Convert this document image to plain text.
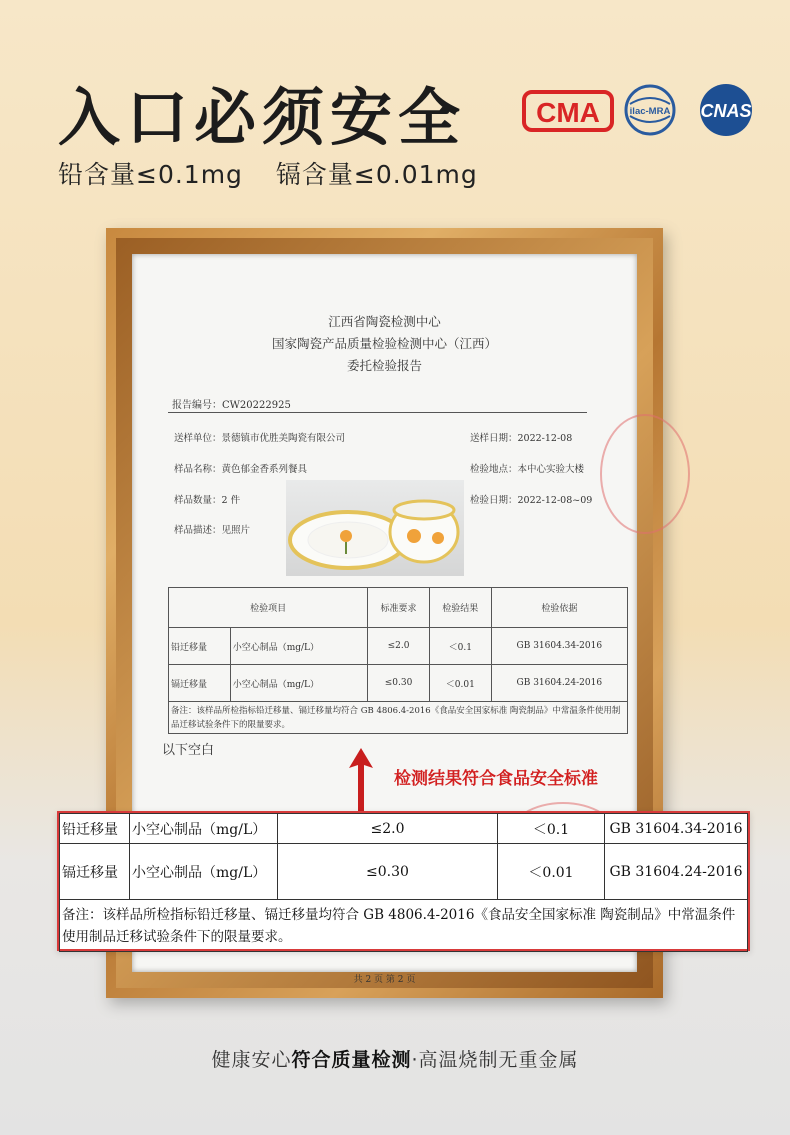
入口必须安全
铅含量≤0.1mg 镉含量≤0.01mg
CMA	ilac-MRA CNAS
江西省陶瓷检测中心
国家陶瓷产品质量检验检测中心（江西）
委托检验报告
报告编号：CW20222925
送样单位：景德镇市优胜美陶瓷有限公司	送样日期：2022-12-08
样品名称：黄色郁金香系列餐具	检验地点：本中心实验大楼
样品数量：2 件	检验日期：2022-12-08~09
样品描述：见照片
检验项目		标准要求	检验结果	检验依据
铅迁移量	小空心制品（mg/L）	≤2.0	＜0.1	GB 31604.34-2016
镉迁移量	小空心制品（mg/L）	≤0.30	＜0.01	GB 31604.24-2016
备注：该样品所检指标铅迁移量、镉迁移量均符合 GB 4806.4-2016《食品安全国家标准 陶瓷制品》中常温条件使用制品迁移试验条件下的限量要求。				
以下空白
检测结果符合食品安全标准
共 2 页 第 2 页
铅迁移量	小空心制品（mg/L）	≤2.0	＜0.1	GB 31604.34-2016
镉迁移量	小空心制品（mg/L）	≤0.30	＜0.01	GB 31604.24-2016
备注：该样品所检指标铅迁移量、镉迁移量均符合 GB 4806.4-2016《食品安全国家标准 陶瓷制品》中常温条件使用制品迁移试验条件下的限量要求。				
健康安心符合质量检测·高温烧制无重金属
